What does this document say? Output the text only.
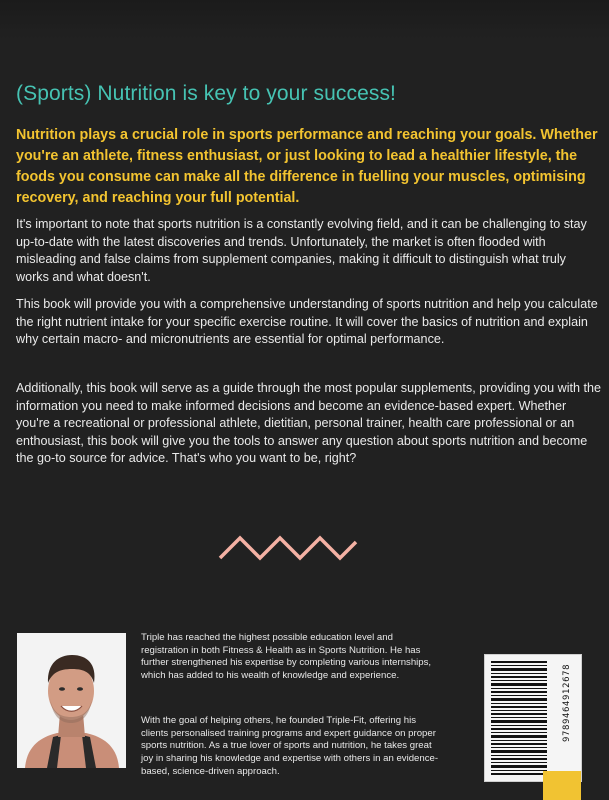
(Sports) Nutrition is key to your success!

Nutrition plays a crucial role in sports performance and reaching your goals. Whether you're an athlete, fitness enthusiast, or just looking to lead a healthier lifestyle, the foods you consume can make all the difference in fuelling your muscles, optimising recovery, and reaching your full potential.

It's important to note that sports nutrition is a constantly evolving field, and it can be challenging to stay up-to-date with the latest discoveries and trends. Unfortunately, the market is often flooded with misleading and false claims from supplement companies, making it difficult to distinguish what truly works and what doesn't.

This book will provide you with a comprehensive understanding of sports nutrition and help you calculate the right nutrient intake for your specific exercise routine. It will cover the basics of nutrition and explain why certain macro- and micronutrients are essential for optimal performance.

Additionally, this book will serve as a guide through the most popular supplements, providing you with the information you need to make informed decisions and become an evidence-based expert. Whether you're a recreational or professional athlete, dietitian, personal trainer, health care professional or an enthousiast, this book will give you the tools to answer any question about sports nutrition and become the go-to source for advice. That's who you want to be, right?

Triple has reached the highest possible education level and registration in both Fitness & Health as in Sports Nutrition. He has further strengthened his expertise by completing various internships, which has added to his wealth of knowledge and experience.

With the goal of helping others, he founded Triple-Fit, offering his clients personalised training programs and expert guidance on proper sports nutrition. As a true lover of sports and nutrition, he takes great joy in sharing his knowledge and expertise with others in an evidence-based, science-driven approach.

9789464912678
